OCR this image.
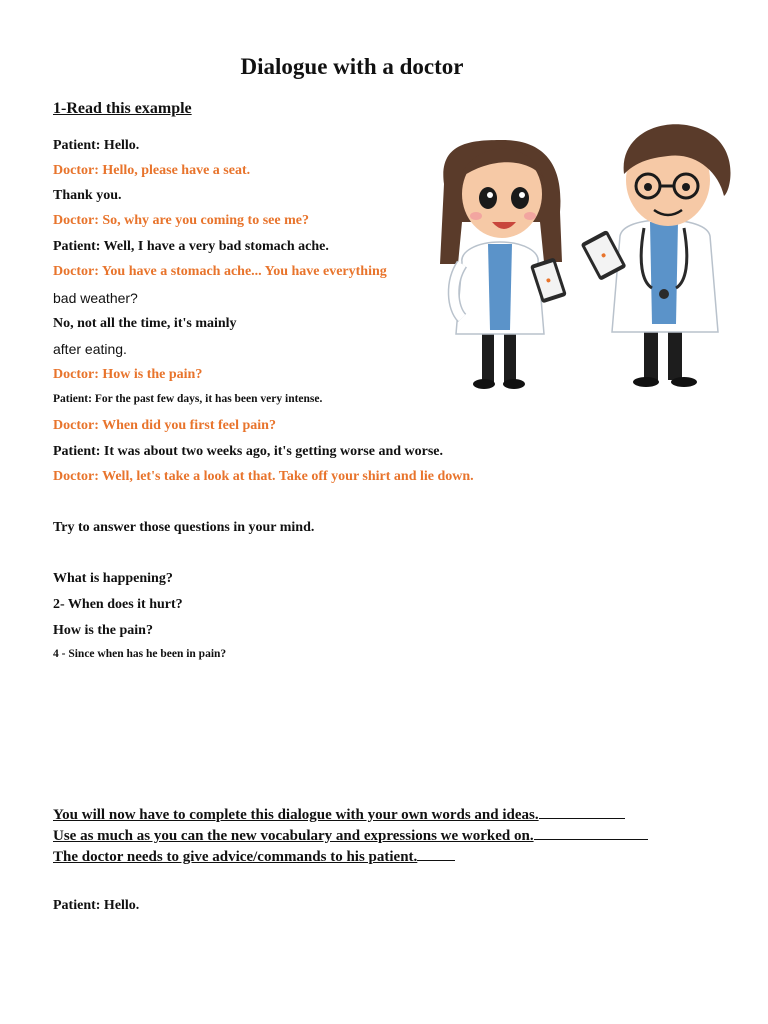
Dialogue with a doctor
1-Read this example
Patient: Hello.
Doctor: Hello, please have a seat.
Thank you.
Doctor: So, why are you coming to see me?
Patient: Well, I have a very bad stomach ache.
Doctor: You have a stomach ache... You have everything
bad weather?
No, not all the time, it's mainly
after eating.
Doctor: How is the pain?
Patient: For the past few days, it has been very intense.
Doctor: When did you first feel pain?
Patient: It was about two weeks ago, it's getting worse and worse.
Doctor: Well, let's take a look at that. Take off your shirt and lie down.
Try to answer those questions in your mind.
What is happening?
2- When does it hurt?
How is the pain?
4 - Since when has he been in pain?
You will now have to complete this dialogue with your own words and ideas.
Use as much as you can the new vocabulary and expressions we worked on.
The doctor needs to give advice/commands to his patient.
Patient: Hello.
